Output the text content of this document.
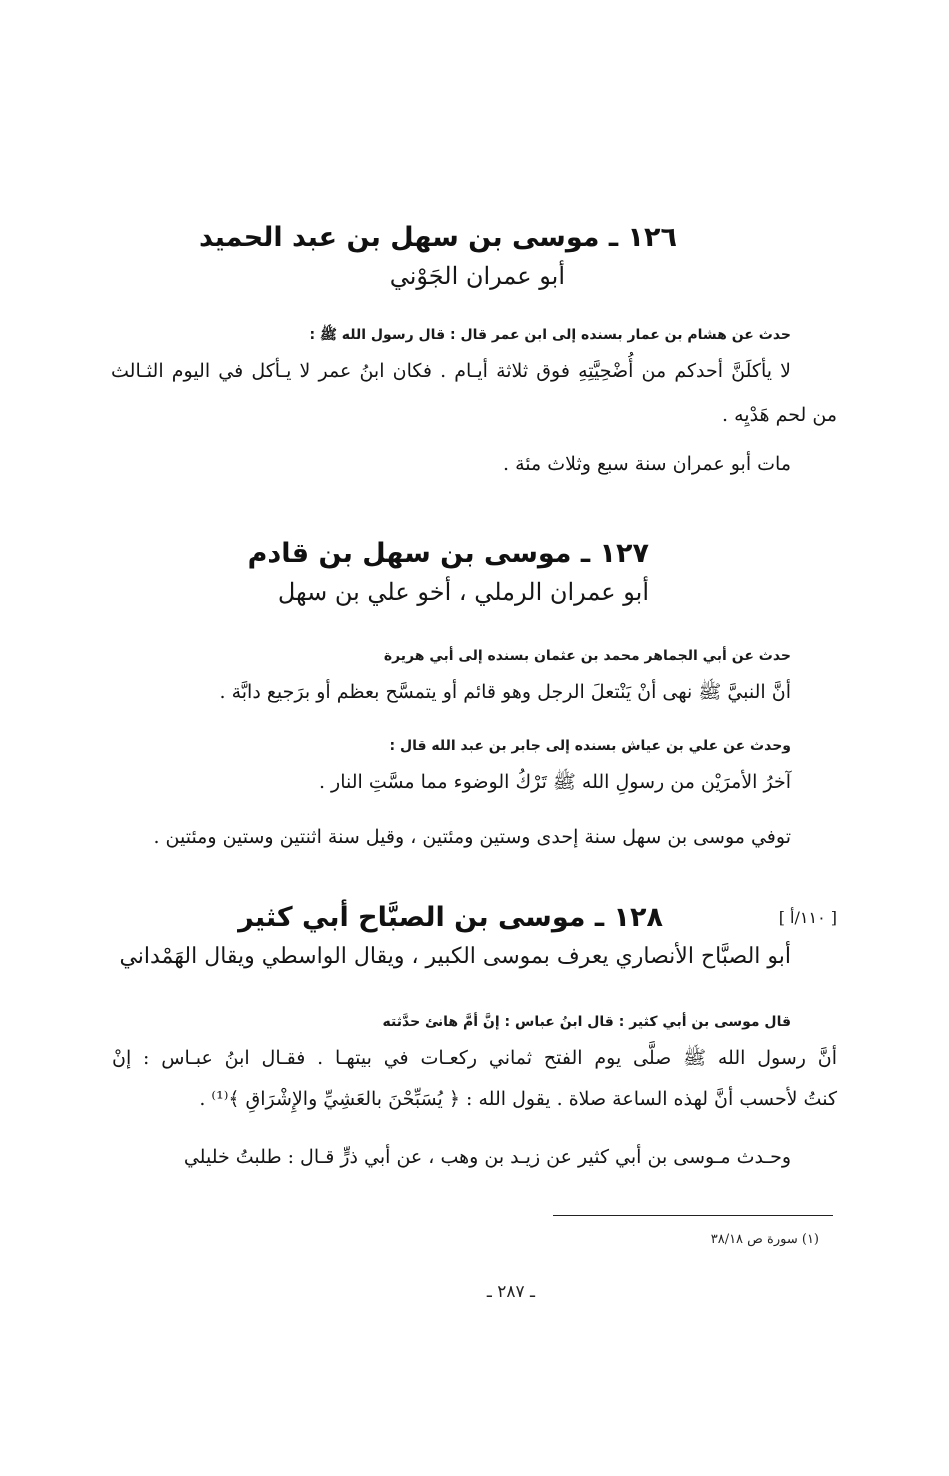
١٢٦ ـ موسى بن سهل بن عبد الحميد
أبو عمران الجَوْني
حدث عن هشام بن عمار بسنده إلى ابن عمر قال : قال رسول الله ﷺ :
لا يأكلَنَّ أحدكم من أُضْحِيَّتِهِ فوق ثلاثة أيـام . فكان ابنُ عمر لا يـأكل في اليوم الثـالث
من لحم هَدْيِه .
مات أبو عمران سنة سبع وثلاث مئة .
١٢٧ ـ موسى بن سهل بن قادم
أبو عمران الرملي ، أخو علي بن سهل
حدث عن أبي الجماهر محمد بن عثمان بسنده إلى أبي هريرة
أنَّ النبيَّ ﷺ نهى أنْ يَنْتعلَ الرجل وهو قائم أو يتمسَّح بعظم أو برَجيع دابَّة .
وحدث عن علي بن عياش بسنده إلى جابر بن عبد الله قال :
آخرُ الأمرَيْن من رسولِ الله ﷺ تَرْكُ الوضوء مما مسَّتِ النار .
توفي موسى بن سهل سنة إحدى وستين ومئتين ، وقيل سنة اثنتين وستين ومئتين .
[ ١١٠/أ ]
١٢٨ ـ موسى بن الصبَّاح أبي كثير
أبو الصبَّاح الأنصاري يعرف بموسى الكبير ، ويقال الواسطي ويقال الهَمْداني
قال موسى بن أبي كثير : قال ابنُ عباس : إنَّ أمَّ هانئ حدَّثته
أنَّ رسول الله ﷺ صلَّى يوم الفتح ثماني ركعـات في بيتهـا . فقـال ابنُ عبـاس : إنْ
كنتُ لأحسب أنَّ لهذه الساعة صلاة . يقول الله : ﴿ يُسَبِّحْنَ بالعَشِيِّ والإِشْرَاقِ ﴾⁽¹⁾ .
وحـدث مـوسى بن أبي كثير عن زيـد بن وهب ، عن أبي ذرٍّ قـال : طلبتُ خليلي
(١) سورة ص ٣٨/١٨
ـ ٢٨٧ ـ
